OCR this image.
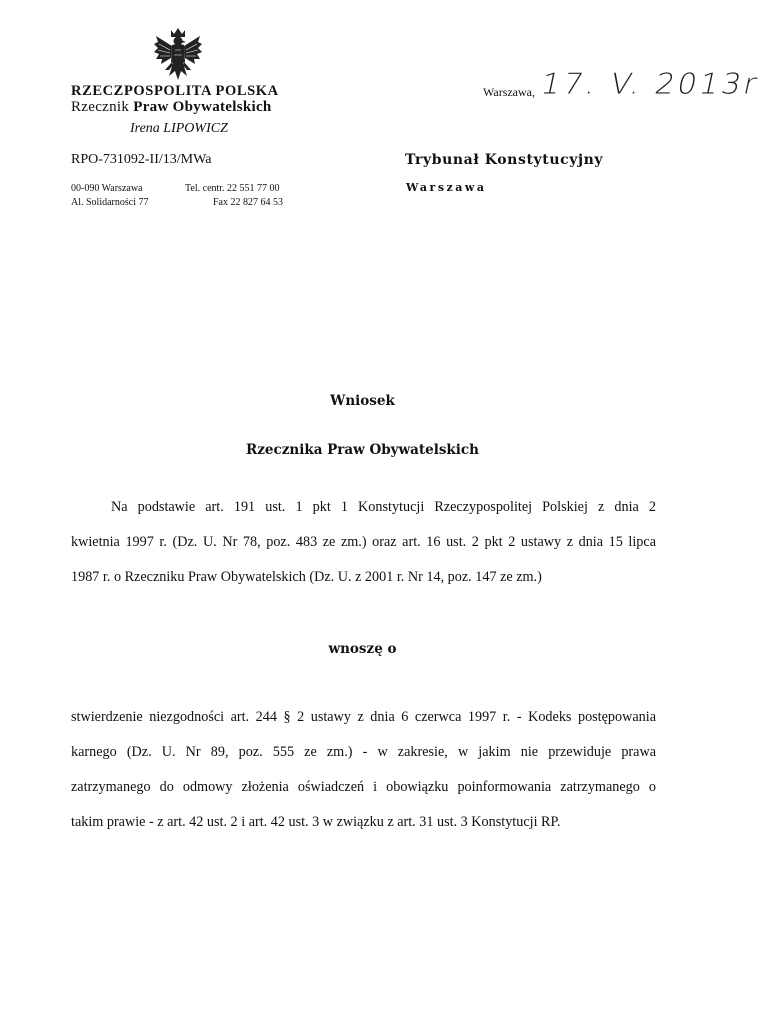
RZECZPOSPOLITA POLSKA
Rzecznik Praw Obywatelskich
Irena LIPOWICZ
RPO-731092-II/13/MWa
00-090 Warszawa	Tel. centr. 22 551 77 00
Al. Solidarności 77	Fax 22 827 64 53
Warszawa, 17. V. 2013r
Trybunał Konstytucyjny
Warszawa
Wniosek
Rzecznika Praw Obywatelskich
Na podstawie art. 191 ust. 1 pkt 1 Konstytucji Rzeczypospolitej Polskiej z dnia 2
kwietnia 1997 r. (Dz. U. Nr 78, poz. 483 ze zm.) oraz art. 16 ust. 2 pkt 2 ustawy z dnia 15 lipca
1987 r. o Rzeczniku Praw Obywatelskich (Dz. U. z 2001 r. Nr 14, poz. 147 ze zm.)
wnoszę o
stwierdzenie niezgodności art. 244 § 2 ustawy z dnia 6 czerwca 1997 r. - Kodeks postępowania
karnego (Dz. U. Nr 89, poz. 555 ze zm.) - w zakresie, w jakim nie przewiduje prawa
zatrzymanego do odmowy złożenia oświadczeń i obowiązku poinformowania zatrzymanego o
takim prawie - z art. 42 ust. 2 i art. 42 ust. 3 w związku z art. 31 ust. 3 Konstytucji RP.
